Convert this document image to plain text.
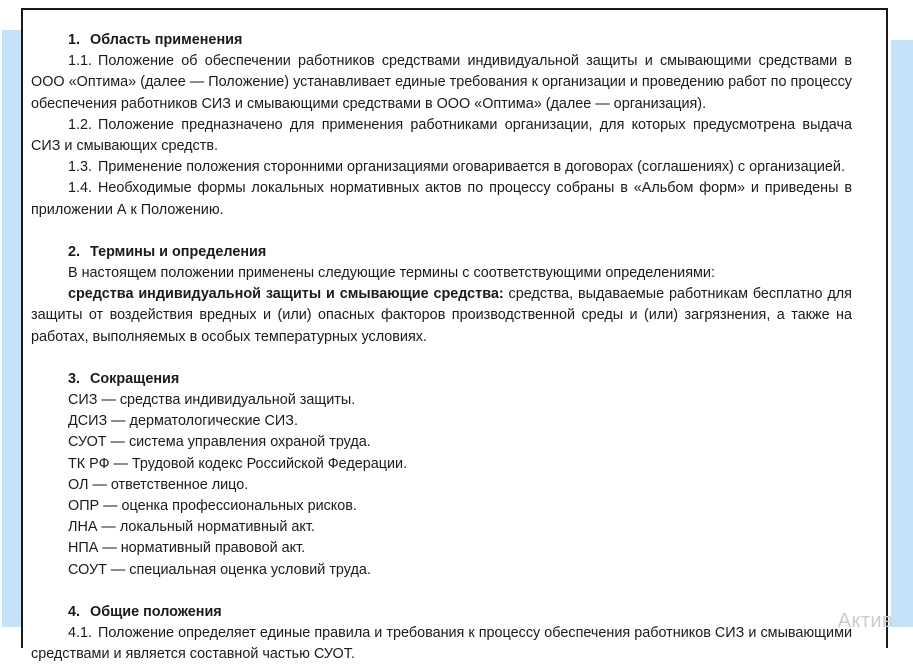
1. Область применения

1.1. Положение об обеспечении работников средствами индивидуальной защиты и смывающими средствами в ООО «Оптима» (далее — Положение) устанавливает единые требования к организации и проведению работ по процессу обеспечения работников СИЗ и смывающими средствами в ООО «Оптима» (далее — организация).

1.2. Положение предназначено для применения работниками организации, для которых предусмотрена выдача СИЗ и смывающих средств.

1.3. Применение положения сторонними организациями оговаривается в договорах (соглашениях) с организацией.

1.4. Необходимые формы локальных нормативных актов по процессу собраны в «Альбом форм» и приведены в приложении А к Положению.

2. Термины и определения

В настоящем положении применены следующие термины с соответствующими определениями:

средства индивидуальной защиты и смывающие средства: средства, выдаваемые работникам бесплатно для защиты от воздействия вредных и (или) опасных факторов производственной среды и (или) загрязнения, а также на работах, выполняемых в особых температурных условиях.

3. Сокращения

СИЗ — средства индивидуальной защиты.

ДСИЗ — дерматологические СИЗ.

СУОТ — система управления охраной труда.

ТК РФ — Трудовой кодекс Российской Федерации.

ОЛ — ответственное лицо.

ОПР — оценка профессиональных рисков.

ЛНА — локальный нормативный акт.

НПА — нормативный правовой акт.

СОУТ — специальная оценка условий труда.

4. Общие положения

4.1. Положение определяет единые правила и требования к процессу обеспечения работников СИЗ и смывающими средствами и является составной частью СУОТ.

Актив
